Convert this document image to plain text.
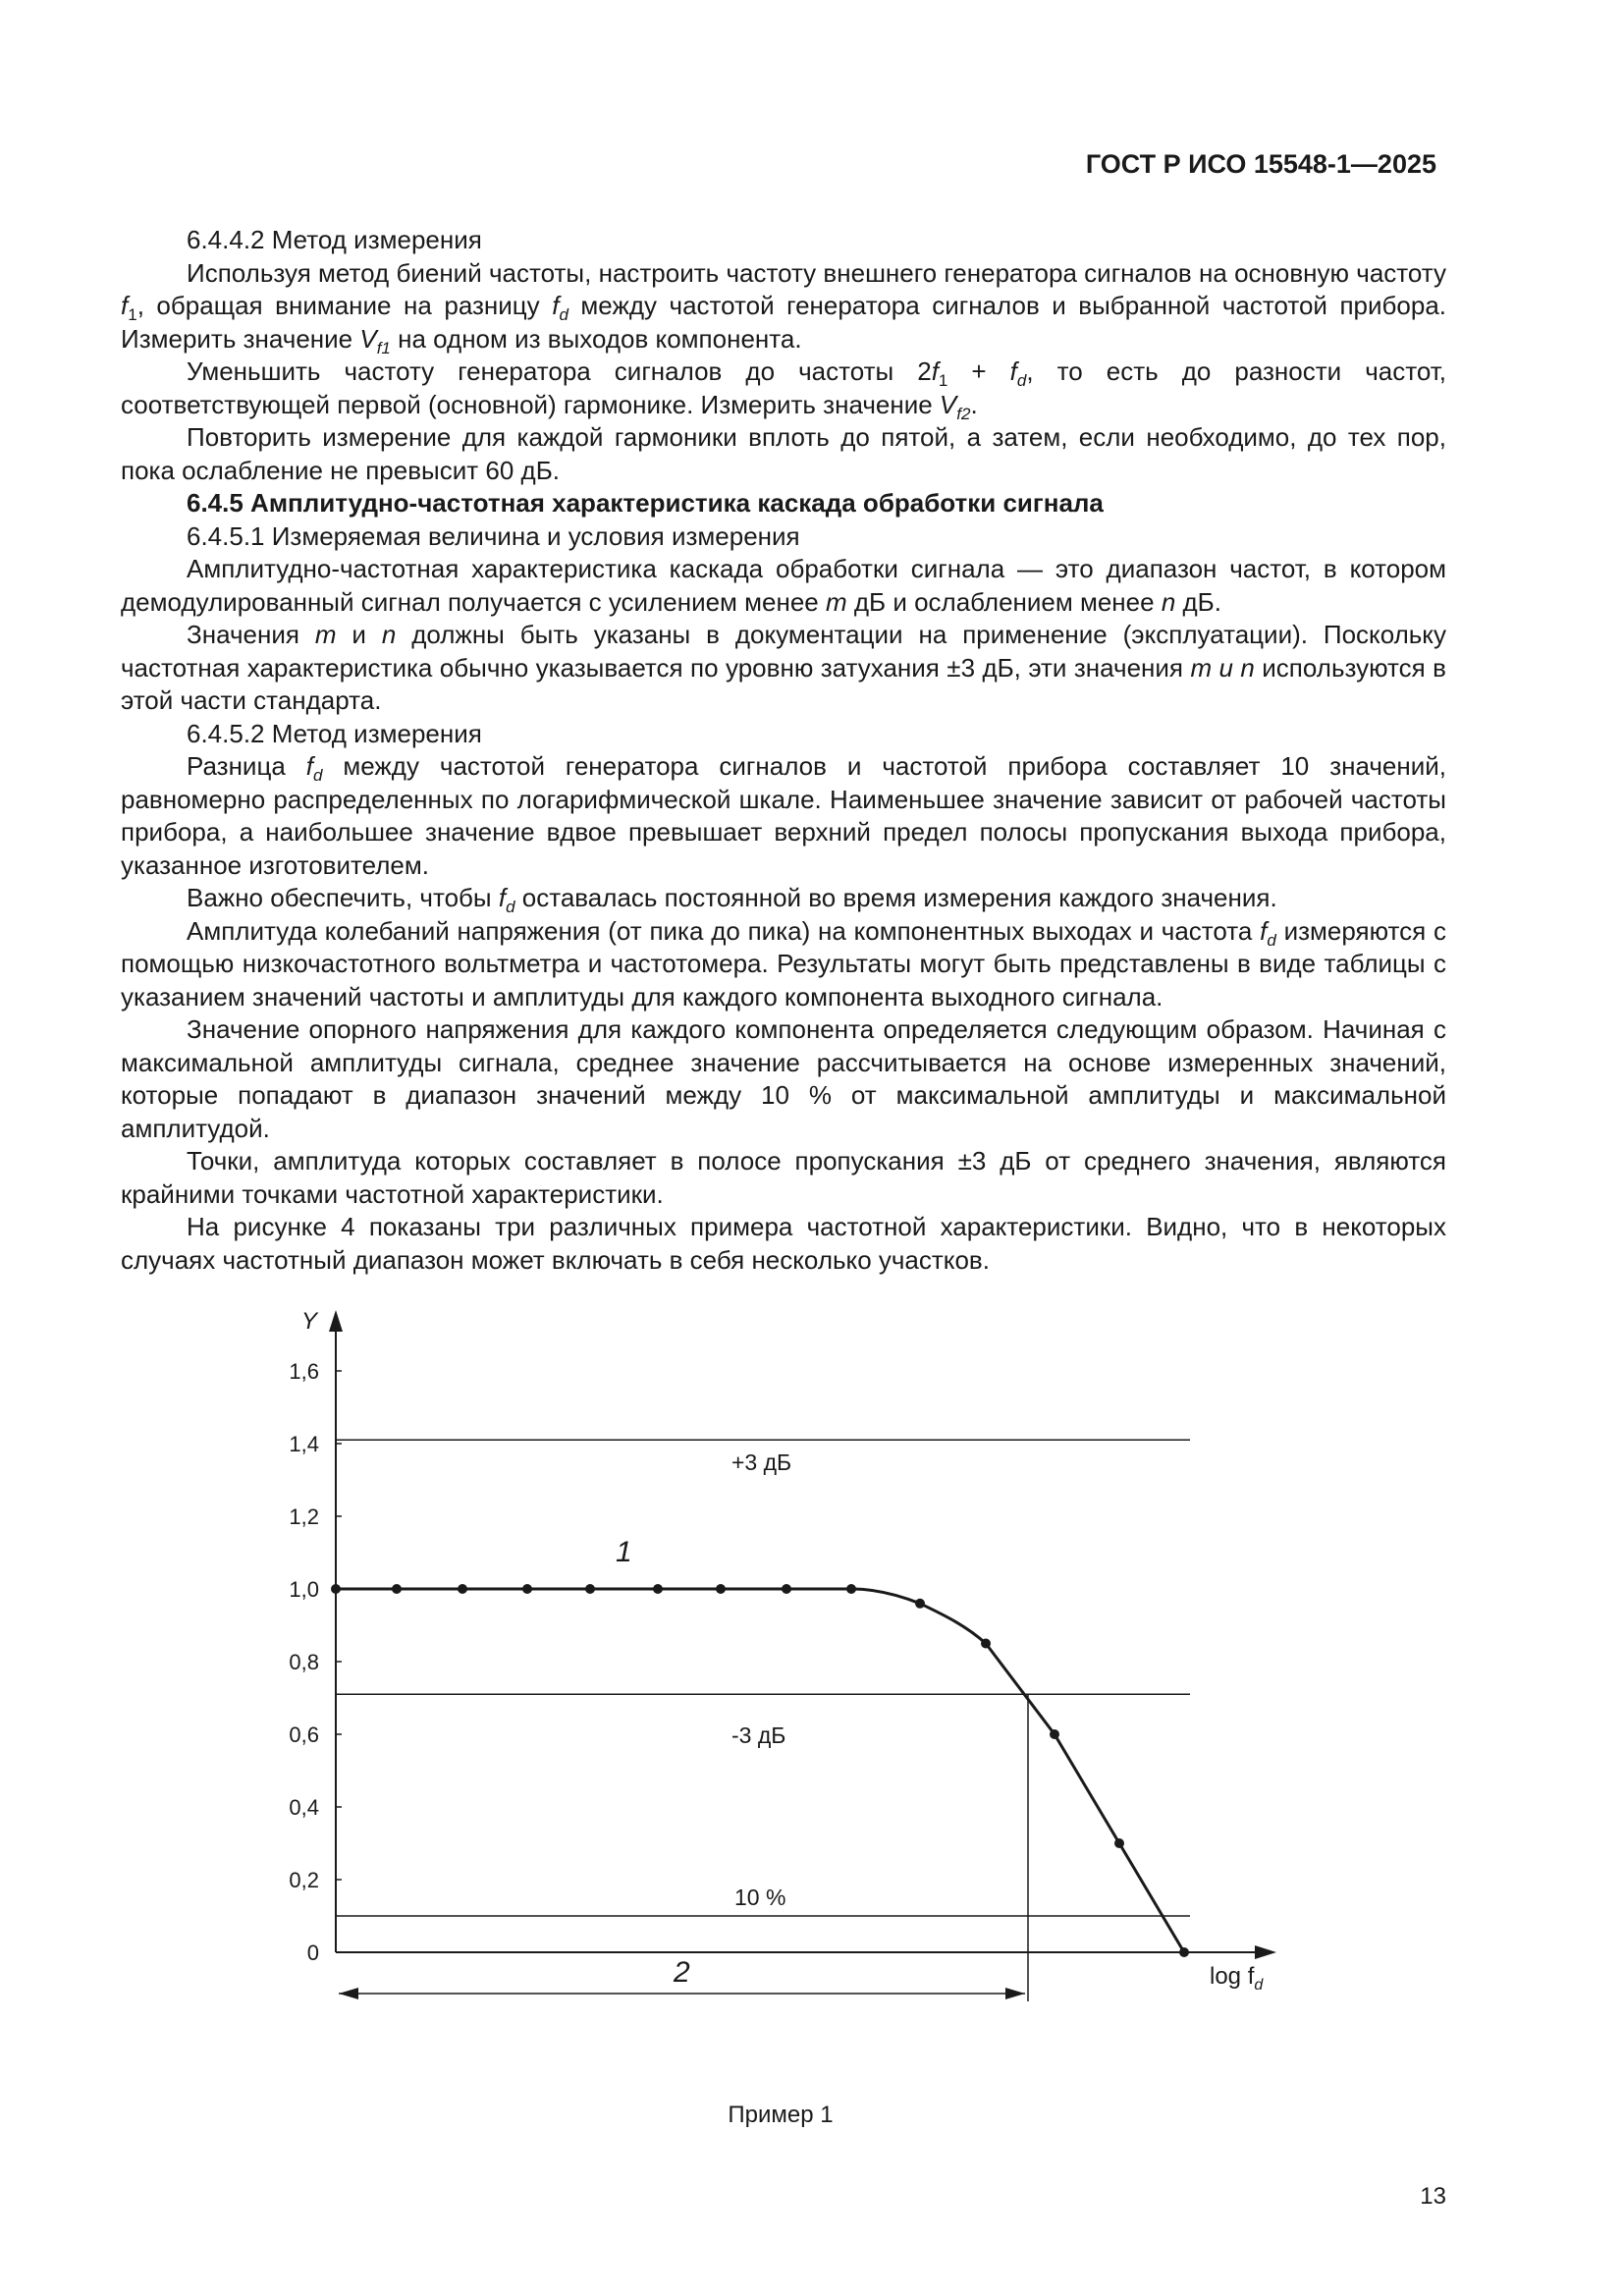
ГОСТ Р ИСО 15548-1—2025

6.4.4.2 Метод измерения

Используя метод биений частоты, настроить частоту внешнего генератора сигналов на основную частоту $f_1$, обращая внимание на разницу $f_d$ между частотой генератора сигналов и выбранной частотой прибора. Измерить значение $V_{f1}$ на одном из выходов компонента.

Уменьшить частоту генератора сигналов до частоты $2f_1 + f_d$, то есть до разности частот, соответствующей первой (основной) гармонике. Измерить значение $V_{f2}$.

Повторить измерение для каждой гармоники вплоть до пятой, а затем, если необходимо, до тех пор, пока ослабление не превысит 60 дБ.

6.4.5 Амплитудно-частотная характеристика каскада обработки сигнала

6.4.5.1 Измеряемая величина и условия измерения

Амплитудно-частотная характеристика каскада обработки сигнала — это диапазон частот, в котором демодулированный сигнал получается с усилением менее m дБ и ослаблением менее n дБ.

Значения m и n должны быть указаны в документации на применение (эксплуатации). Поскольку частотная характеристика обычно указывается по уровню затухания ±3 дБ, эти значения m и n используются в этой части стандарта.

6.4.5.2 Метод измерения

Разница $f_d$ между частотой генератора сигналов и частотой прибора составляет 10 значений, равномерно распределенных по логарифмической шкале. Наименьшее значение зависит от рабочей частоты прибора, а наибольшее значение вдвое превышает верхний предел полосы пропускания выхода прибора, указанное изготовителем.

Важно обеспечить, чтобы $f_d$ оставалась постоянной во время измерения каждого значения.

Амплитуда колебаний напряжения (от пика до пика) на компонентных выходах и частота $f_d$ измеряются с помощью низкочастотного вольтметра и частотомера. Результаты могут быть представлены в виде таблицы с указанием значений частоты и амплитуды для каждого компонента выходного сигнала.

Значение опорного напряжения для каждого компонента определяется следующим образом. Начиная с максимальной амплитуды сигнала, среднее значение рассчитывается на основе измеренных значений, которые попадают в диапазон значений между 10 % от максимальной амплитуды и максимальной амплитудой.

Точки, амплитуда которых составляет в полосе пропускания ±3 дБ от среднего значения, являются крайними точками частотной характеристики.

На рисунке 4 показаны три различных примера частотной характеристики. Видно, что в некоторых случаях частотный диапазон может включать в себя несколько участков.

Y
$\log f_d$
1,6
1,4
1,2
1,0
0,8
0,6
0,4
0,2
0
+3 дБ
-3 дБ
10 %
1
2
Пример 1
13
